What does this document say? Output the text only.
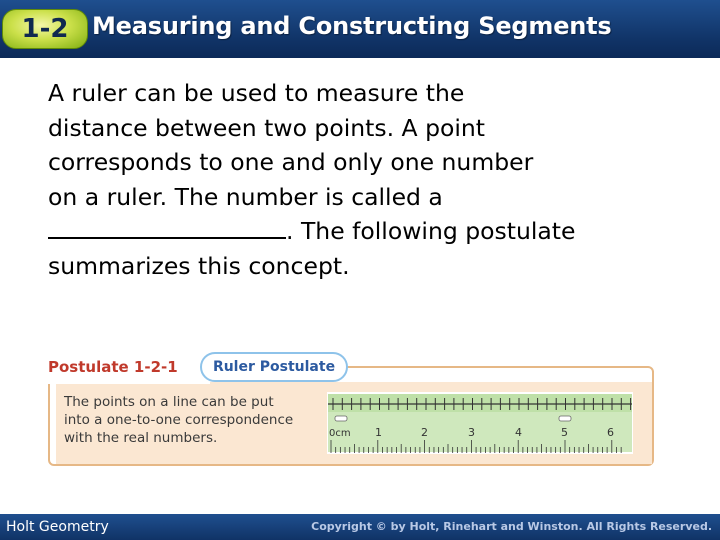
1-2 Measuring and Constructing Segments
A ruler can be used to measure the
distance between two points. A point
corresponds to one and only one number
on a ruler. The number is called a
. The following postulate
summarizes this concept.
Postulate 1-2-1	Ruler Postulate
The points on a line can be put
into a one-to-one correspondence
with the real numbers.	0cm 1	2	3	4	5	6
Holt Geometry	Copyright © by Holt, Rinehart and Winston. All Rights Reserved.
